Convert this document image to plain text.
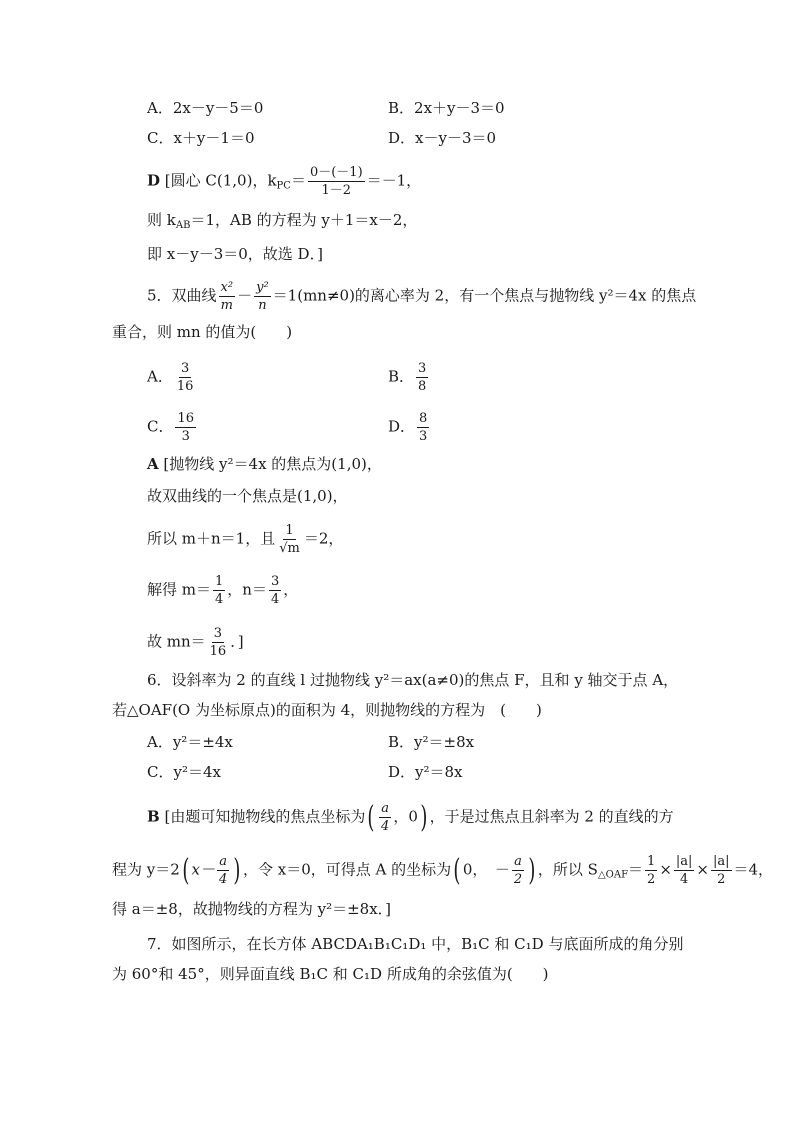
A．2x－y－5＝0	B．2x＋y－3＝0
C．x＋y－1＝0	D．x－y－3＝0
D [圆心 C(1,0)，$k_{PC}= \frac{0-(-1)}{1-2} =-1$，
则 $k_{AB}=1$，AB 的方程为 y＋1＝x－2，
即 x－y－3＝0，故选 D．]
5．双曲线 $\frac{\text{x²}}{m} - \frac{\text{y²}}{n} =1(mn\ne 0)$的离心率为 2，有一个焦点与抛物线 y²＝4x 的焦点
重合，则 mn 的值为(　　)
A． $\frac{3}{16}$	B． $\frac{3}{8}$
C． $\frac{16}{3}$	D． $\frac{8}{3}$
A [抛物线 y²＝4x 的焦点为(1,0)，
故双曲线的一个焦点是(1,0)，
所以 m＋n＝1，且 $\frac{1}{√m} =2$，
解得 $m= \frac{1}{4}$ ，$n= \frac{3}{4}$ ，
故 $mn= \frac{3}{16}$ ．]
6．设斜率为 2 的直线 l 过抛物线 y²＝ax(a≠0)的焦点 F，且和 y 轴交于点 A，
若△OAF(O 为坐标原点)的面积为 4，则抛物线的方程为　(　　)
A．y²＝±4x	B．y²＝±8x
C．y²＝4x	D．y²＝8x
B [由题可知抛物线的焦点坐标为( $\frac{a}{4}$ ，0) ，于是过焦点且斜率为 2 的直线的方
程为 y＝2( $x- \frac{a}{4}$ ) ，令 x＝0，可得点 A 的坐标为( 0，　－ $\frac{a}{2}$ ) ，所以 $S_{\triangle OAF}= \frac{1}{2} \times \frac{|a|}{4} \times \frac{|a|}{2} =4$，
得 a＝±8，故抛物线的方程为 y²＝±8x．]
7．如图所示，在长方体 ABCDA₁B₁C₁D₁ 中，B₁C 和 C₁D 与底面所成的角分别
为 60°和 45°，则异面直线 B₁C 和 C₁D 所成角的余弦值为(　　)
